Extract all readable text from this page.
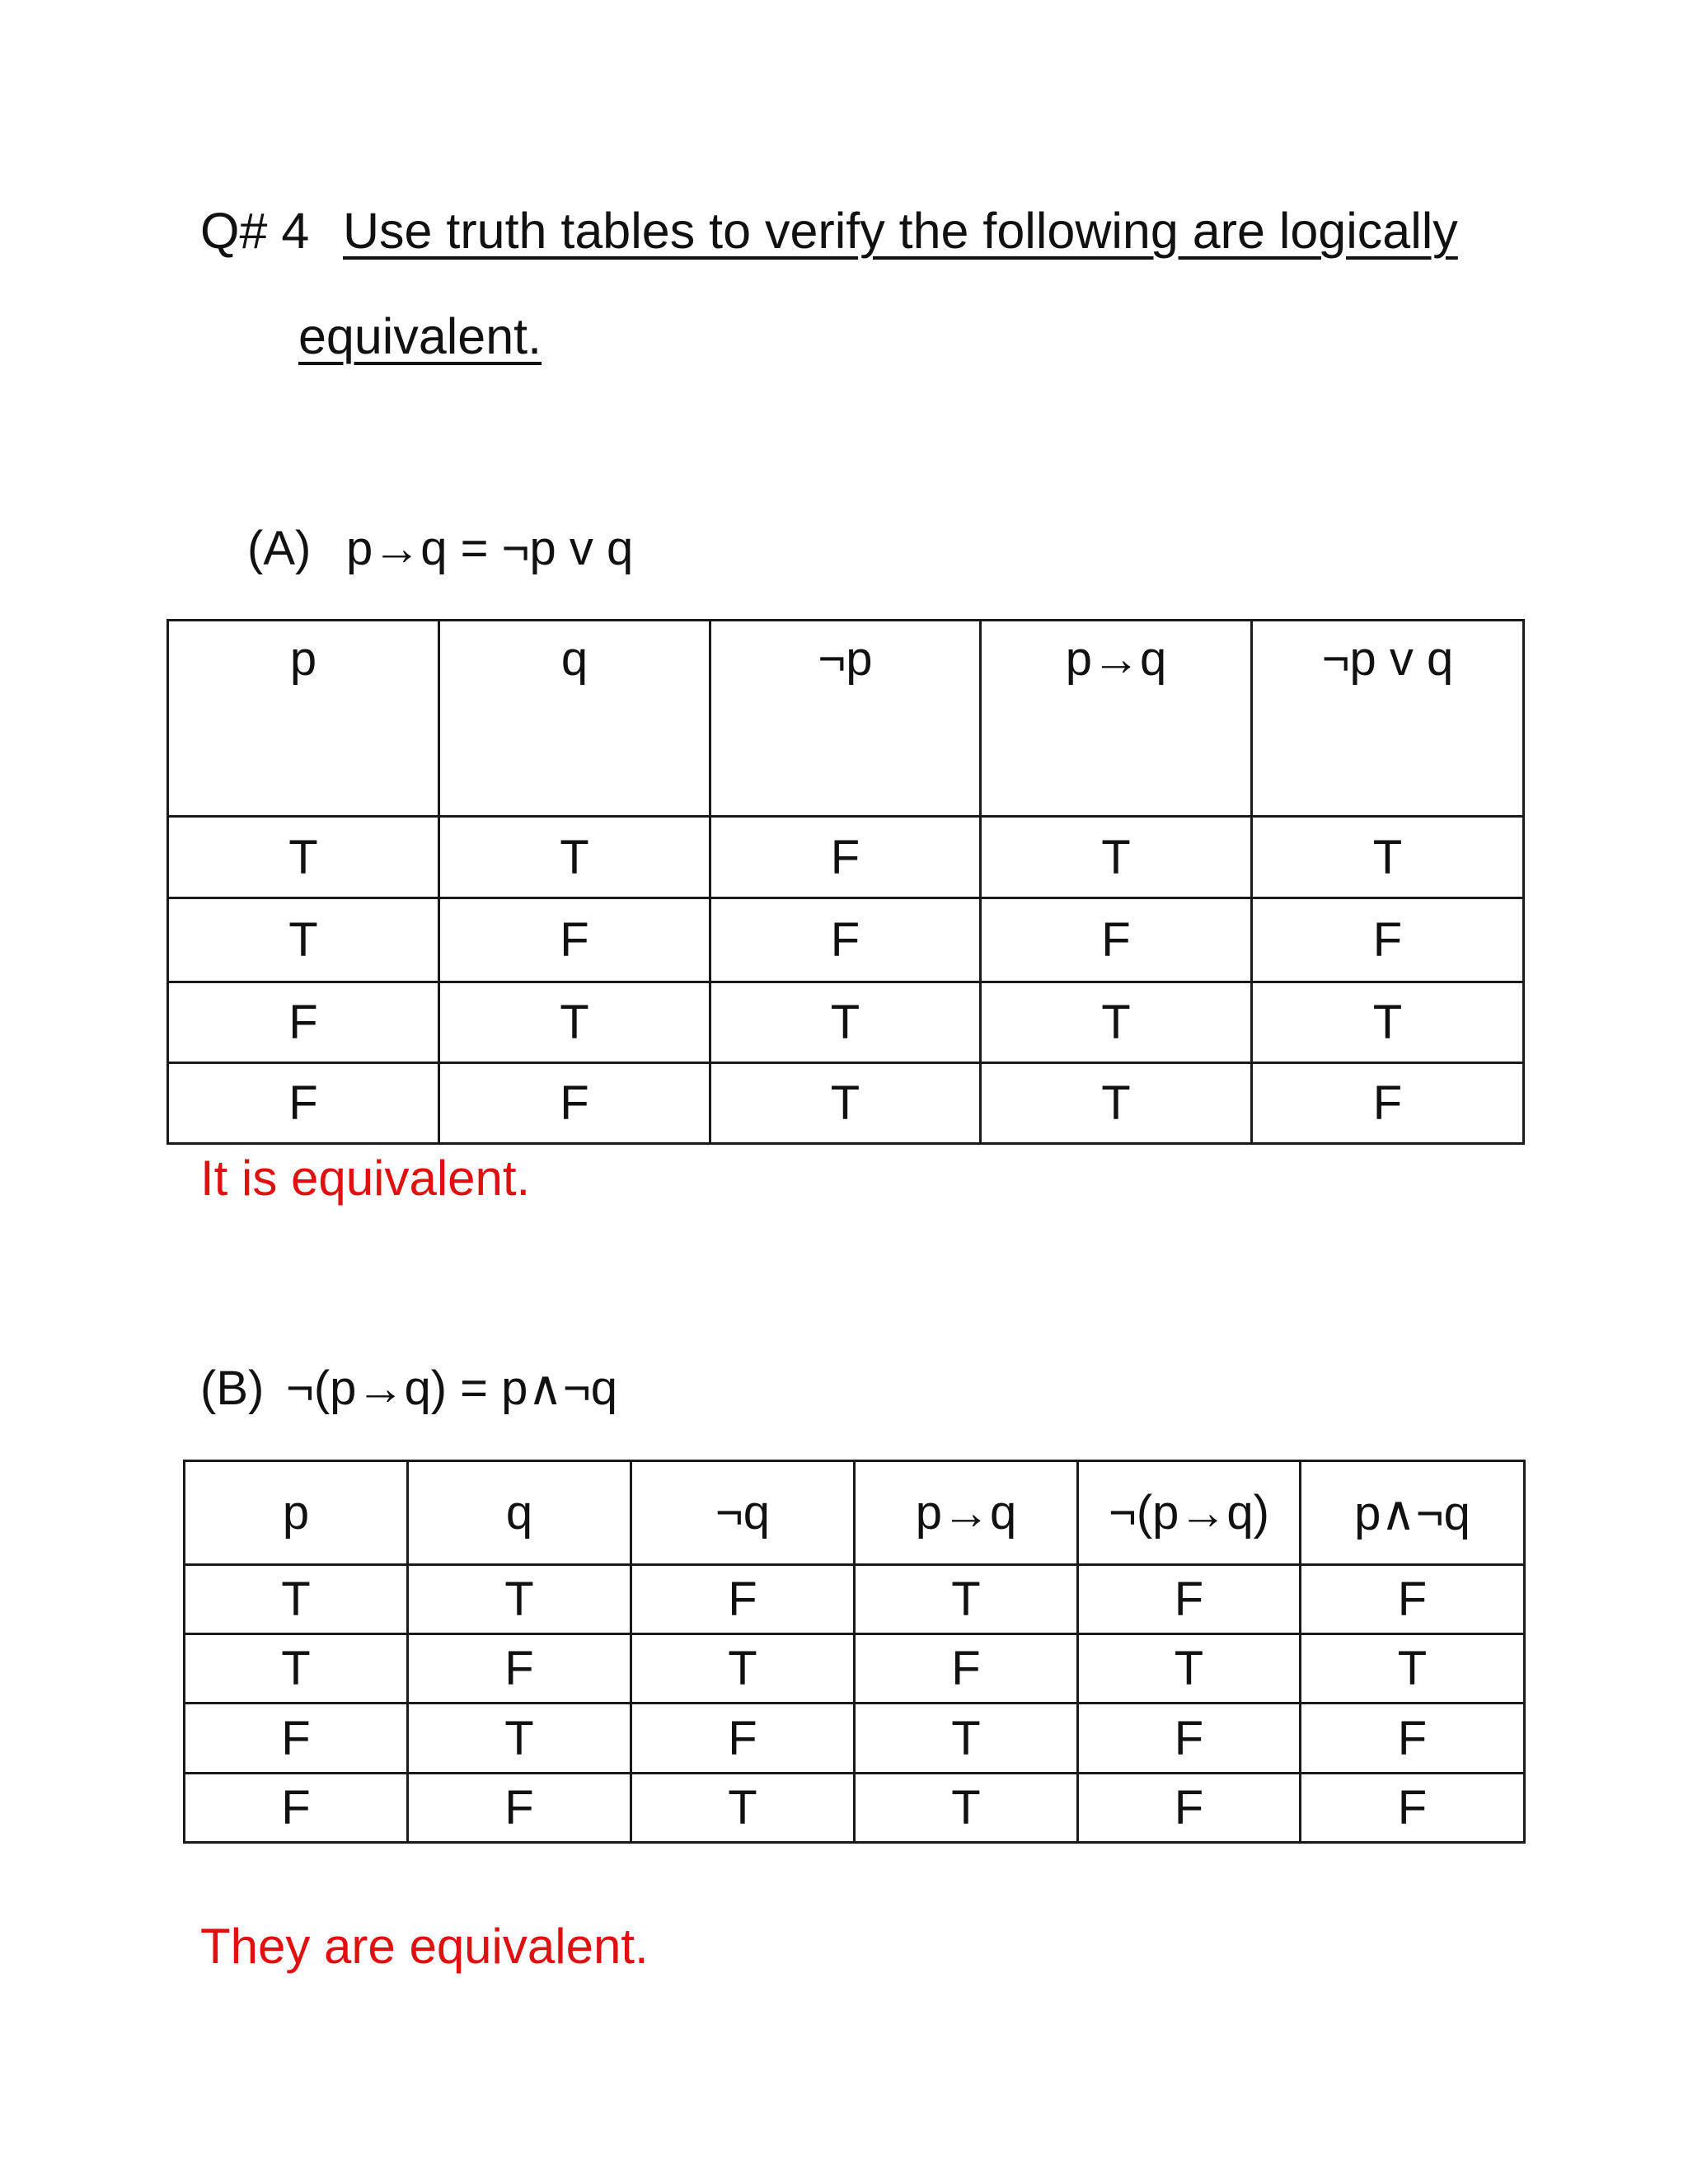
Q# 4 Use truth tables to verify the following are logically
equivalent.
(A) p→q = ¬p v q
p	q	¬p	p→q	¬p v q
T	T	F	T	T
T	F	F	F	F
F	T	T	T	T
F	F	T	T	F
It is equivalent.
(B) ¬(p→q) = p∧¬q
p	q	¬q	p→q	¬(p→q)	p∧¬q
T	T	F	T	F	F
T	F	T	F	T	T
F	T	F	T	F	F
F	F	T	T	F	F
They are equivalent.
